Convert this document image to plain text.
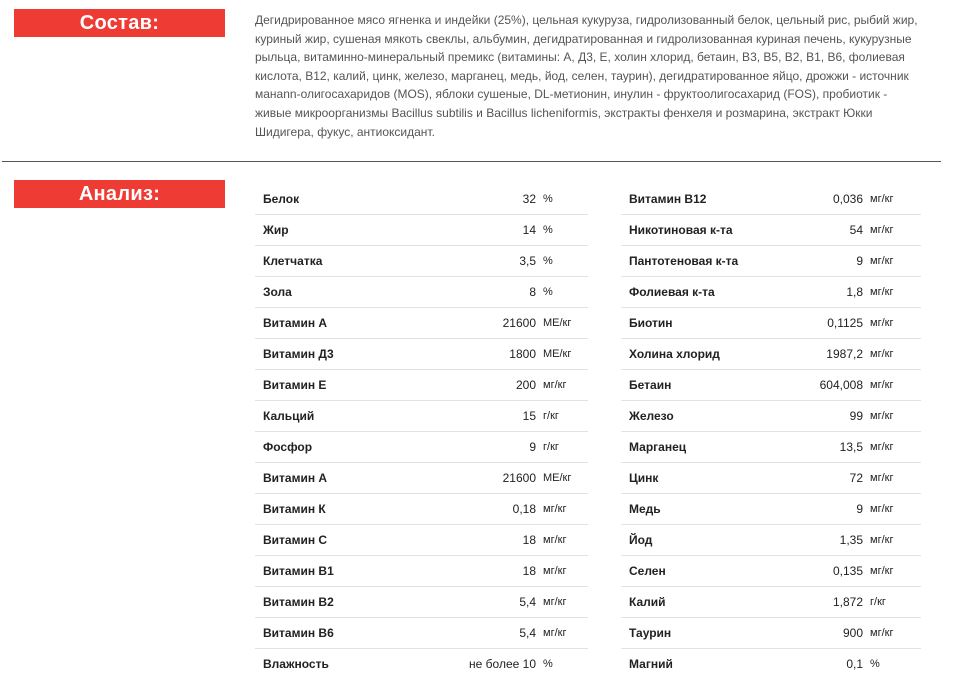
Состав:	Дегидрированное мясо ягненка и индейки (25%), цельная кукуруза, гидролизованный белок, цельный рис, рыбий жир, куриный жир, сушеная мякоть свеклы, альбумин, дегидратированная и гидролизованная куриная печень, кукурузные рыльца, витаминно-минеральный премикс (витамины: А, Д3, Е, холин хлорид, бетаин, В3, В5, В2, В1, В6, фолиевая кислота, В12, калий, цинк, железо, марганец, медь, йод, селен, таурин), дегидратированное яйцо, дрожжи - источник манann-олигосахаридов (MOS), яблоки сушеные, DL-метионин, инулин - фруктоолигосахарид (FOS), пробиотик - живые микроорганизмы Bacillus subtilis и Bacillus licheniformis, экстракты фенхеля и розмарина, экстракт Юкки Шидигера, фукус, антиоксидант.

Анализ:	Белок	32 %
Жир	14 %
Клетчатка	3,5 %
Зола	8 %
Витамин А	21600 МЕ/кг
Витамин Д3	1800 МЕ/кг
Витамин Е	200 мг/кг
Кальций	15 г/кг
Фосфор	9 г/кг
Витамин А	21600 МЕ/кг
Витамин К	0,18 мг/кг
Витамин С	18 мг/кг
Витамин В1	18 мг/кг
Витамин В2	5,4 мг/кг
Витамин В6	5,4 мг/кг
Влажность	не более 10 %
Витамин В12	0,036 мг/кг
Никотиновая к-та	54 мг/кг
Пантотеновая к-та	9 мг/кг
Фолиевая к-та	1,8 мг/кг
Биотин	0,1125 мг/кг
Холина хлорид	1987,2 мг/кг
Бетаин	604,008 мг/кг
Железо	99 мг/кг
Марганец	13,5 мг/кг
Цинк	72 мг/кг
Медь	9 мг/кг
Йод	1,35 мг/кг
Селен	0,135 мг/кг
Калий	1,872 г/кг
Таурин	900 мг/кг
Магний	0,1 %
